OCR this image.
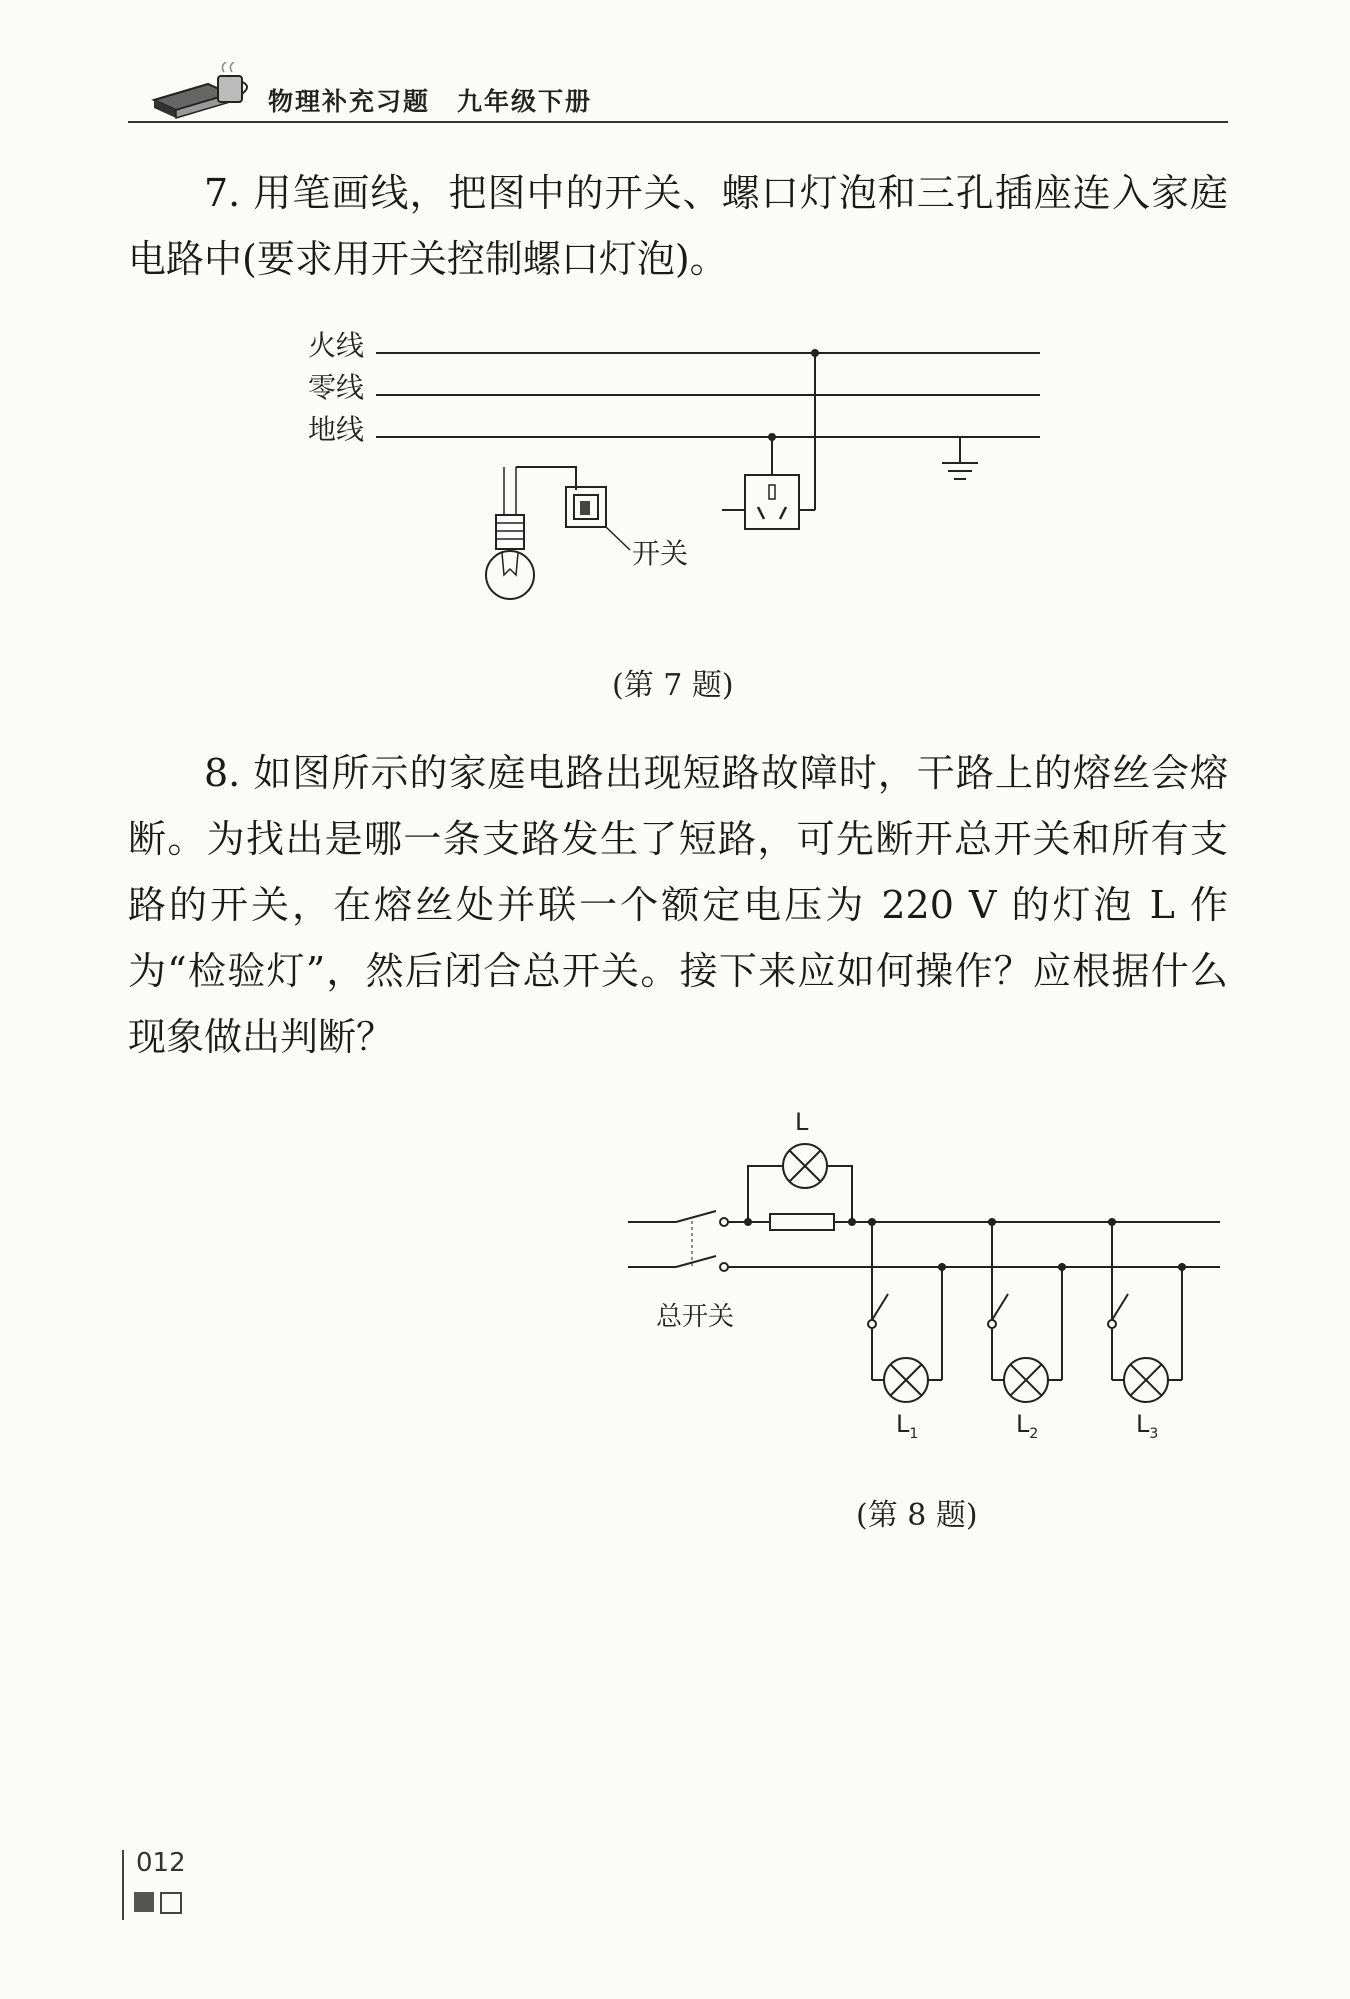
物理补充习题　九年级下册

7. 用笔画线，把图中的开关、螺口灯泡和三孔插座连入家庭电路中(要求用开关控制螺口灯泡)。

火线
零线
地线
开关
(第 7 题)

8. 如图所示的家庭电路出现短路故障时，干路上的熔丝会熔断。为找出是哪一条支路发生了短路，可先断开总开关和所有支路的开关，在熔丝处并联一个额定电压为 220 V 的灯泡 L 作为“检验灯”，然后闭合总开关。接下来应如何操作？应根据什么现象做出判断？

L
总开关
$L_1$	$L_2$	$L_3$
(第 8 题)
012
